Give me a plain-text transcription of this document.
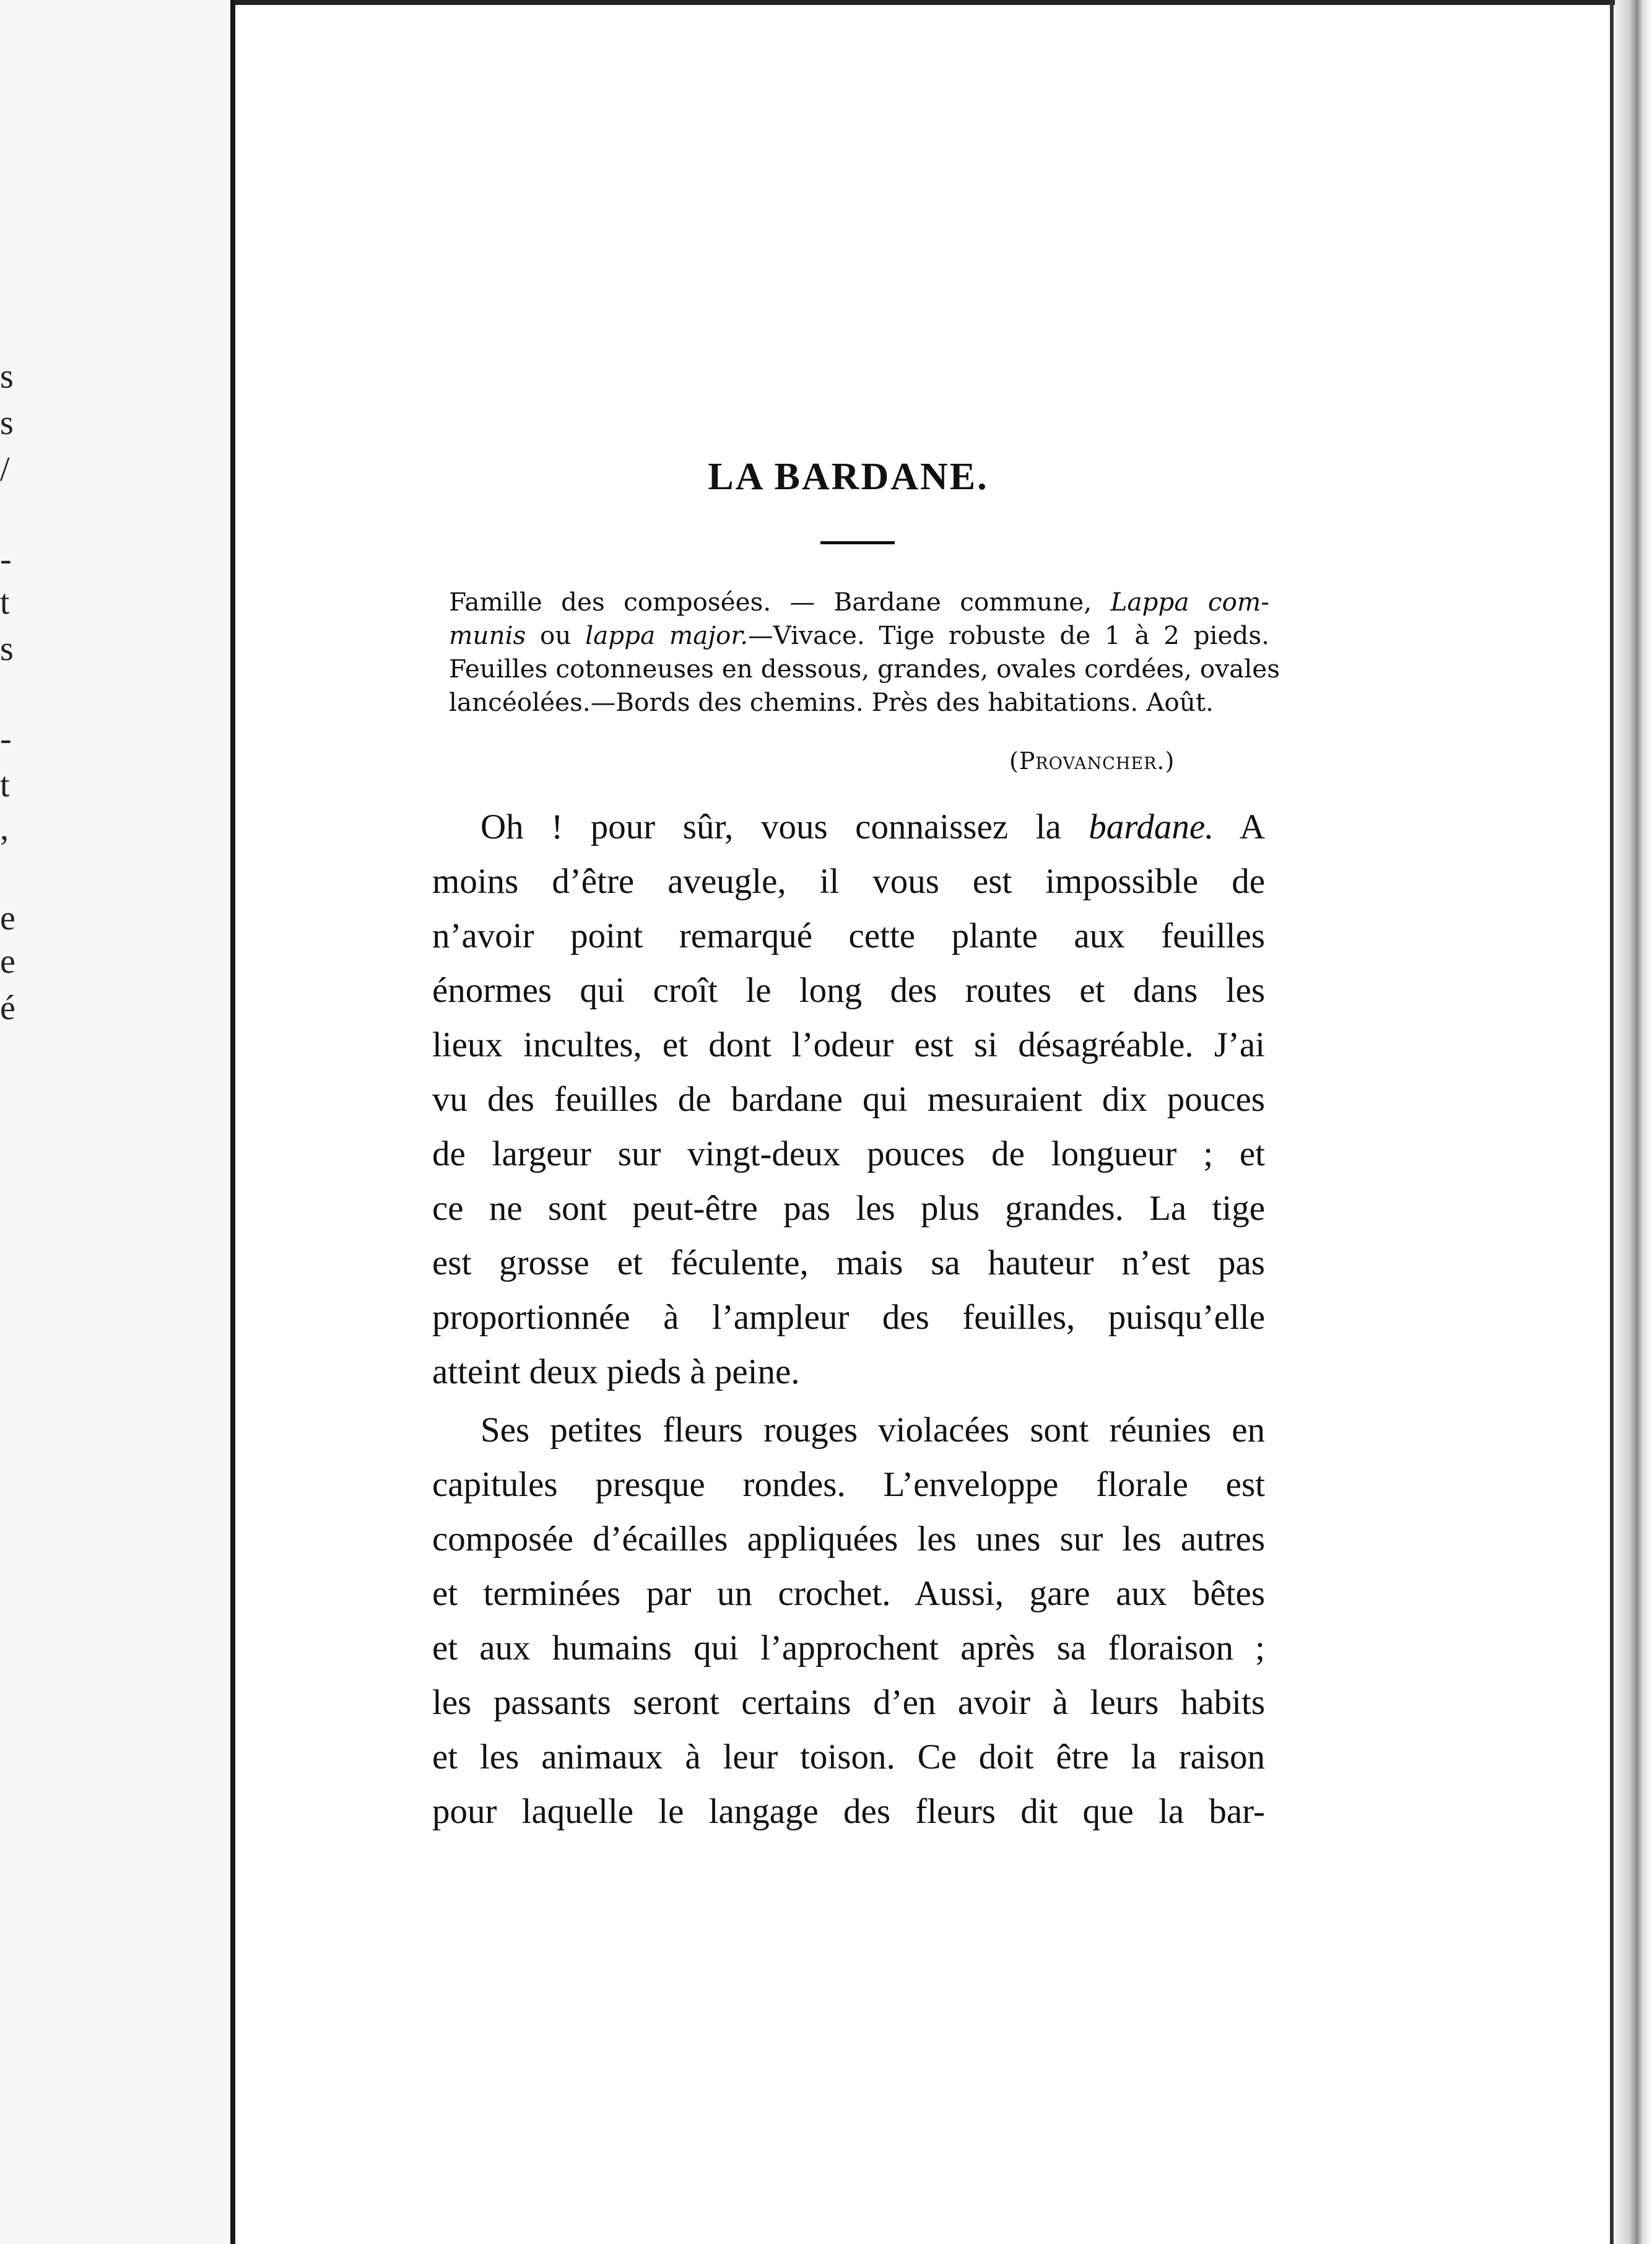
s
s
/
-
t
s
-
t
,
e
e
é
LA BARDANE.
Famille des composées. — Bardane commune, Lappa com-
munis ou lappa major.—Vivace. Tige robuste de 1 à 2 pieds.
Feuilles cotonneuses en dessous, grandes, ovales cordées, ovales
lancéolées.—Bords des chemins. Près des habitations. Août.
(Provancher.)
Oh ! pour sûr, vous connaissez la bardane. A
moins d’être aveugle, il vous est impossible de
n’avoir point remarqué cette plante aux feuilles
énormes qui croît le long des routes et dans les
lieux incultes, et dont l’odeur est si désagréable. J’ai
vu des feuilles de bardane qui mesuraient dix pouces
de largeur sur vingt-deux pouces de longueur ; et
ce ne sont peut-être pas les plus grandes. La tige
est grosse et féculente, mais sa hauteur n’est pas
proportionnée à l’ampleur des feuilles, puisqu’elle
atteint deux pieds à peine.
Ses petites fleurs rouges violacées sont réunies en
capitules presque rondes. L’enveloppe florale est
composée d’écailles appliquées les unes sur les autres
et terminées par un crochet. Aussi, gare aux bêtes
et aux humains qui l’approchent après sa floraison ;
les passants seront certains d’en avoir à leurs habits
et les animaux à leur toison. Ce doit être la raison
pour laquelle le langage des fleurs dit que la bar-
